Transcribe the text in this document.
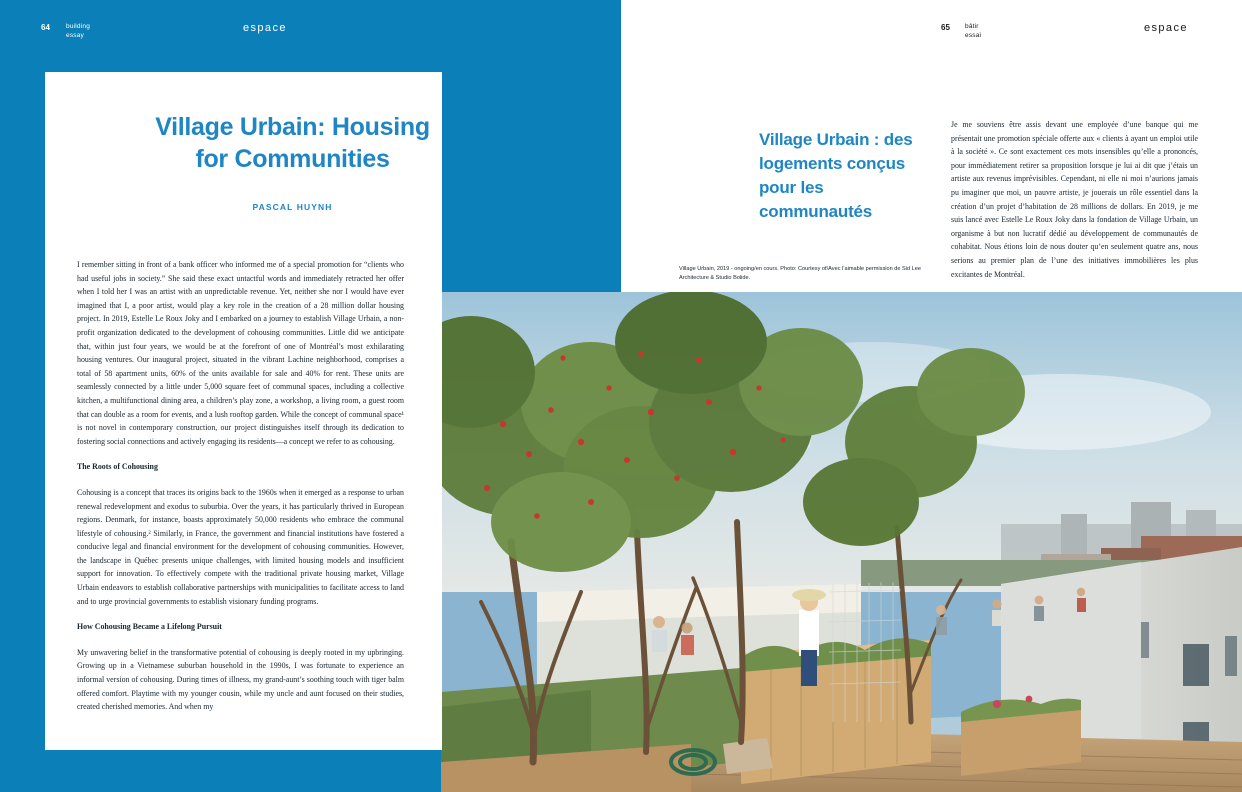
64 building
essay
espace	65 bâtir
essai
espace
Village Urbain: Housing for Communities
PASCAL HUYNH

I remember sitting in front of a bank officer who informed me of a special promotion for “clients who had useful jobs in society.” She said these exact untactful words and immediately retracted her offer when I told her I was an artist with an unpredictable revenue. Yet, neither she nor I would have ever imagined that I, a poor artist, would play a key role in the creation of a 28 million dollar housing project. In 2019, Estelle Le Roux Joky and I embarked on a journey to establish Village Urbain, a non-profit organization dedicated to the development of cohousing communities. Little did we anticipate that, within just four years, we would be at the forefront of one of Montréal’s most exhilarating housing ventures. Our inaugural project, situated in the vibrant Lachine neighborhood, comprises a total of 58 apartment units, 60% of the units available for sale and 40% for rent. These units are seamlessly connected by a little under 5,000 square feet of communal spaces, including a collective kitchen, a multifunctional dining area, a children’s play zone, a workshop, a living room, a guest room that can double as a room for events, and a lush rooftop garden. While the concept of communal space¹ is not novel in contemporary construction, our project distinguishes itself through its dedication to fostering social connections and actively engaging its residents—a concept we refer to as cohousing.

The Roots of Cohousing

Cohousing is a concept that traces its origins back to the 1960s when it emerged as a response to urban renewal redevelopment and exodus to suburbia. Over the years, it has particularly thrived in European regions. Denmark, for instance, boasts approximately 50,000 residents who embrace the communal lifestyle of cohousing.² Similarly, in France, the government and financial institutions have fostered a conducive legal and financial environment for the development of cohousing communities. However, the landscape in Québec presents unique challenges, with limited housing models and insufficient support for innovation. To effectively compete with the traditional private housing market, Village Urbain endeavors to establish collaborative partnerships with municipalities to facilitate access to land and to urge provincial governments to establish visionary funding programs.

How Cohousing Became a Lifelong Pursuit

My unwavering belief in the transformative potential of cohousing is deeply rooted in my upbringing. Growing up in a Vietnamese suburban household in the 1990s, I was fortunate to experience an informal version of cohousing. During times of illness, my grand-aunt’s soothing touch with tiger balm offered comfort. Playtime with my younger cousin, while my uncle and aunt focused on their studies, created cherished memories. And when my

Village Urbain : des logements conçus pour les communautés
Je me souviens être assis devant une employée d’une banque qui me présentait une promotion spéciale offerte aux « clients à ayant un emploi utile à la société ». Ce sont exactement ces mots insensibles qu’elle a prononcés, pour immédiatement retirer sa proposition lorsque je lui ai dit que j’étais un artiste aux revenus imprévisibles. Cependant, ni elle ni moi n’aurions jamais pu imaginer que moi, un pauvre artiste, je jouerais un rôle essentiel dans la création d’un projet d’habitation de 28 millions de dollars. En 2019, je me suis lancé avec Estelle Le Roux Joky dans la fondation de Village Urbain, un organisme à but non lucratif dédié au développement de communautés de cohabitat. Nous étions loin de nous douter qu’en seulement quatre ans, nous serions au premier plan de l’une des initiatives immobilières les plus excitantes de Montréal.
Village Urbain, 2019 - ongoing/en cours. Photo: Courtesy of/Avec l’aimable permission de Sid Lee Architecture & Studio Bolide.
